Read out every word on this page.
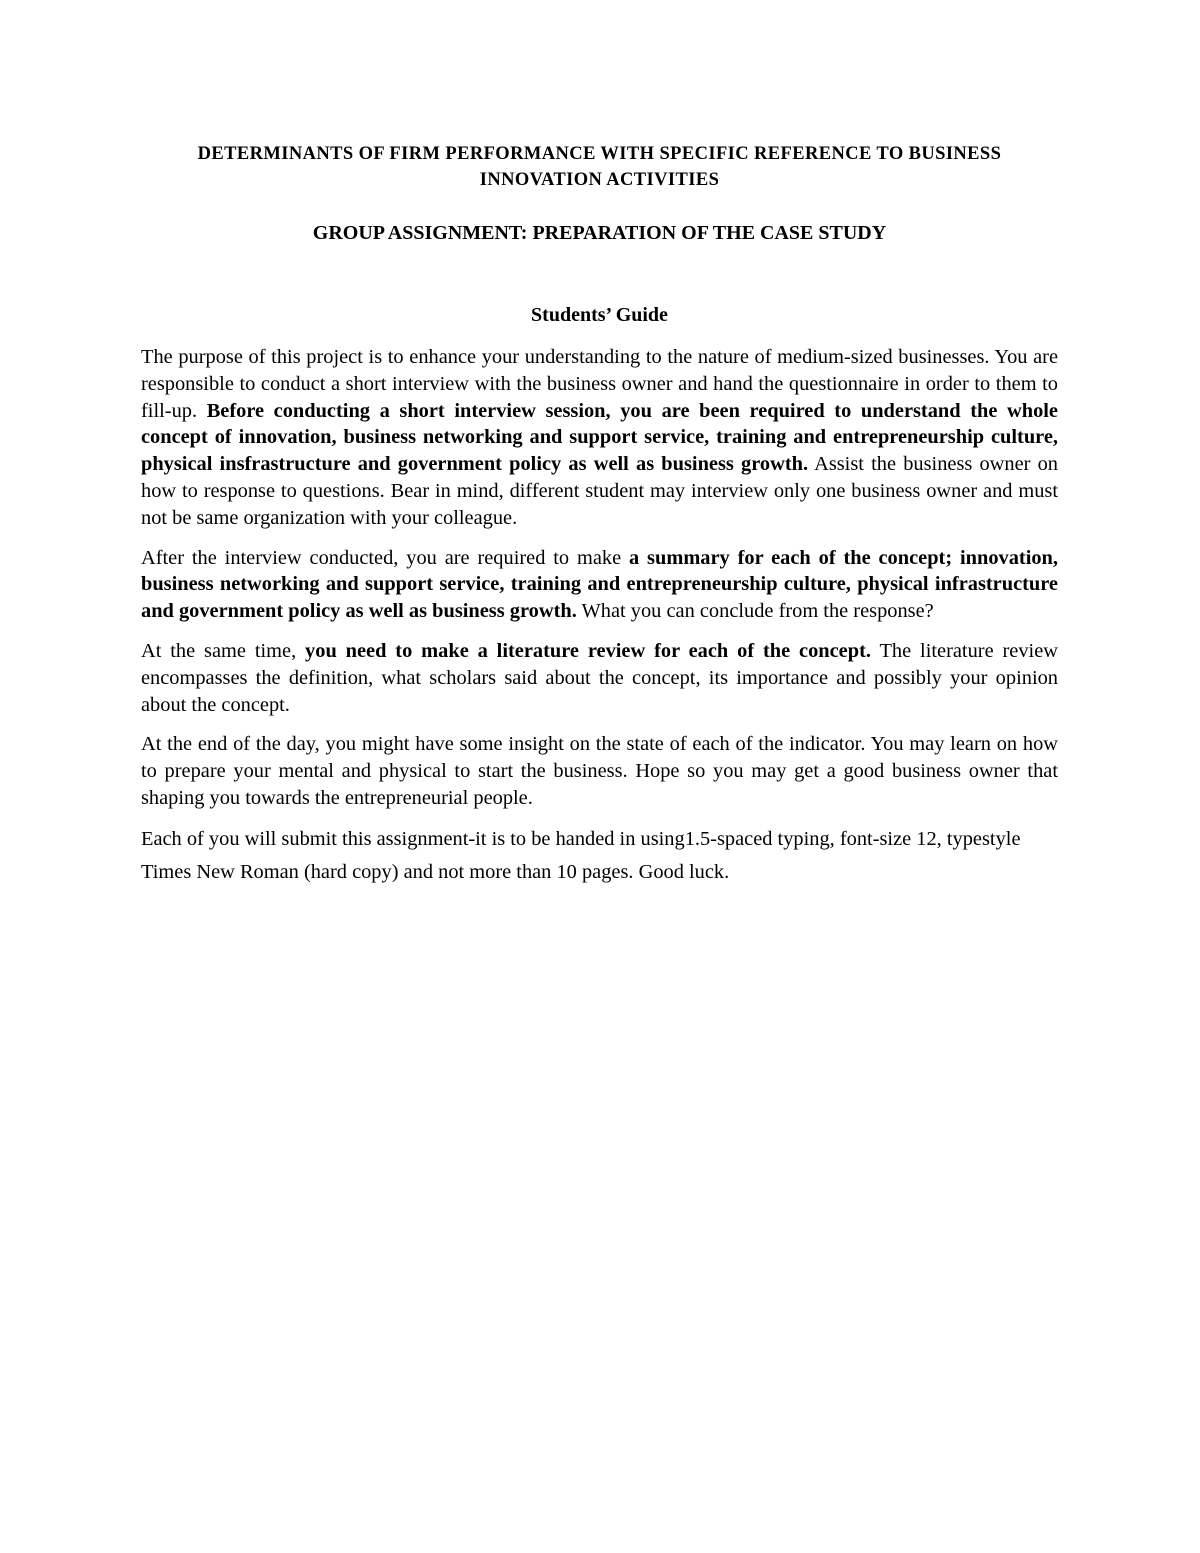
DETERMINANTS OF FIRM PERFORMANCE WITH SPECIFIC REFERENCE TO BUSINESS INNOVATION ACTIVITIES
GROUP ASSIGNMENT: PREPARATION OF THE CASE STUDY
Students’ Guide

The purpose of this project is to enhance your understanding to the nature of medium-sized businesses. You are responsible to conduct a short interview with the business owner and hand the questionnaire in order to them to fill-up. Before conducting a short interview session, you are been required to understand the whole concept of innovation, business networking and support service, training and entrepreneurship culture, physical insfrastructure and government policy as well as business growth. Assist the business owner on how to response to questions. Bear in mind, different student may interview only one business owner and must not be same organization with your colleague.

After the interview conducted, you are required to make a summary for each of the concept; innovation, business networking and support service, training and entrepreneurship culture, physical infrastructure and government policy as well as business growth. What you can conclude from the response?

At the same time, you need to make a literature review for each of the concept. The literature review encompasses the definition, what scholars said about the concept, its importance and possibly your opinion about the concept.

At the end of the day, you might have some insight on the state of each of the indicator. You may learn on how to prepare your mental and physical to start the business. Hope so you may get a good business owner that shaping you towards the entrepreneurial people.

Each of you will submit this assignment-it is to be handed in using1.5-spaced typing, font-size 12, typestyle Times New Roman (hard copy) and not more than 10 pages. Good luck.
